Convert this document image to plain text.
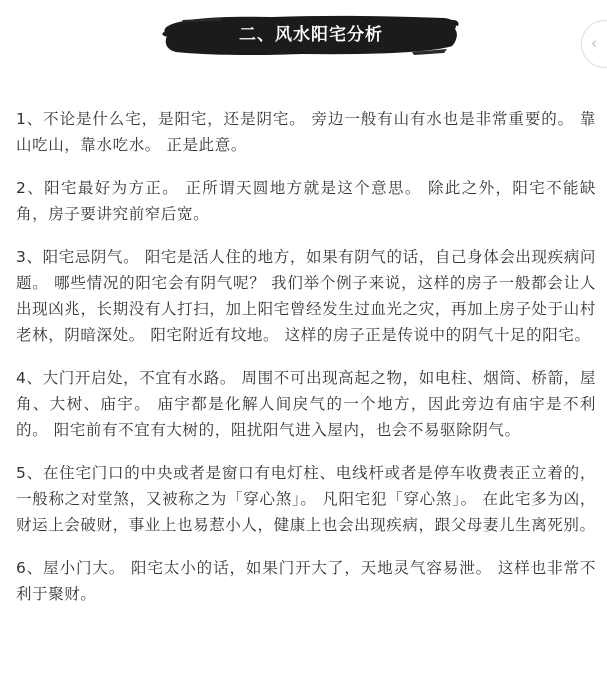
二、风水阳宅分析	‹

1、不论是什么宅，是阳宅，还是阴宅。 旁边一般有山有水也是非常重要的。 靠山吃山，靠水吃水。 正是此意。

2、阳宅最好为方正。 正所谓天圆地方就是这个意思。 除此之外，阳宅不能缺角，房子要讲究前窄后宽。

3、阳宅忌阴气。 阳宅是活人住的地方，如果有阴气的话，自己身体会出现疾病问题。 哪些情况的阳宅会有阴气呢？ 我们举个例子来说，这样的房子一般都会让人出现凶兆，长期没有人打扫，加上阳宅曾经发生过血光之灾，再加上房子处于山村老林，阴暗深处。 阳宅附近有坟地。 这样的房子正是传说中的阴气十足的阳宅。

4、大门开启处，不宜有水路。 周围不可出现高起之物，如电柱、烟筒、桥箭，屋角、大树、庙宇。 庙宇都是化解人间戾气的一个地方，因此旁边有庙宇是不利的。 阳宅前有不宜有大树的，阻扰阳气进入屋内，也会不易驱除阴气。

5、在住宅门口的中央或者是窗口有电灯柱、电线杆或者是停车收费表正立着的，一般称之对堂煞，又被称之为「穿心煞」。 凡阳宅犯「穿心煞」。 在此宅多为凶，财运上会破财，事业上也易惹小人，健康上也会出现疾病，跟父母妻儿生离死别。

6、屋小门大。 阳宅太小的话，如果门开大了，天地灵气容易泄。 这样也非常不利于聚财。
